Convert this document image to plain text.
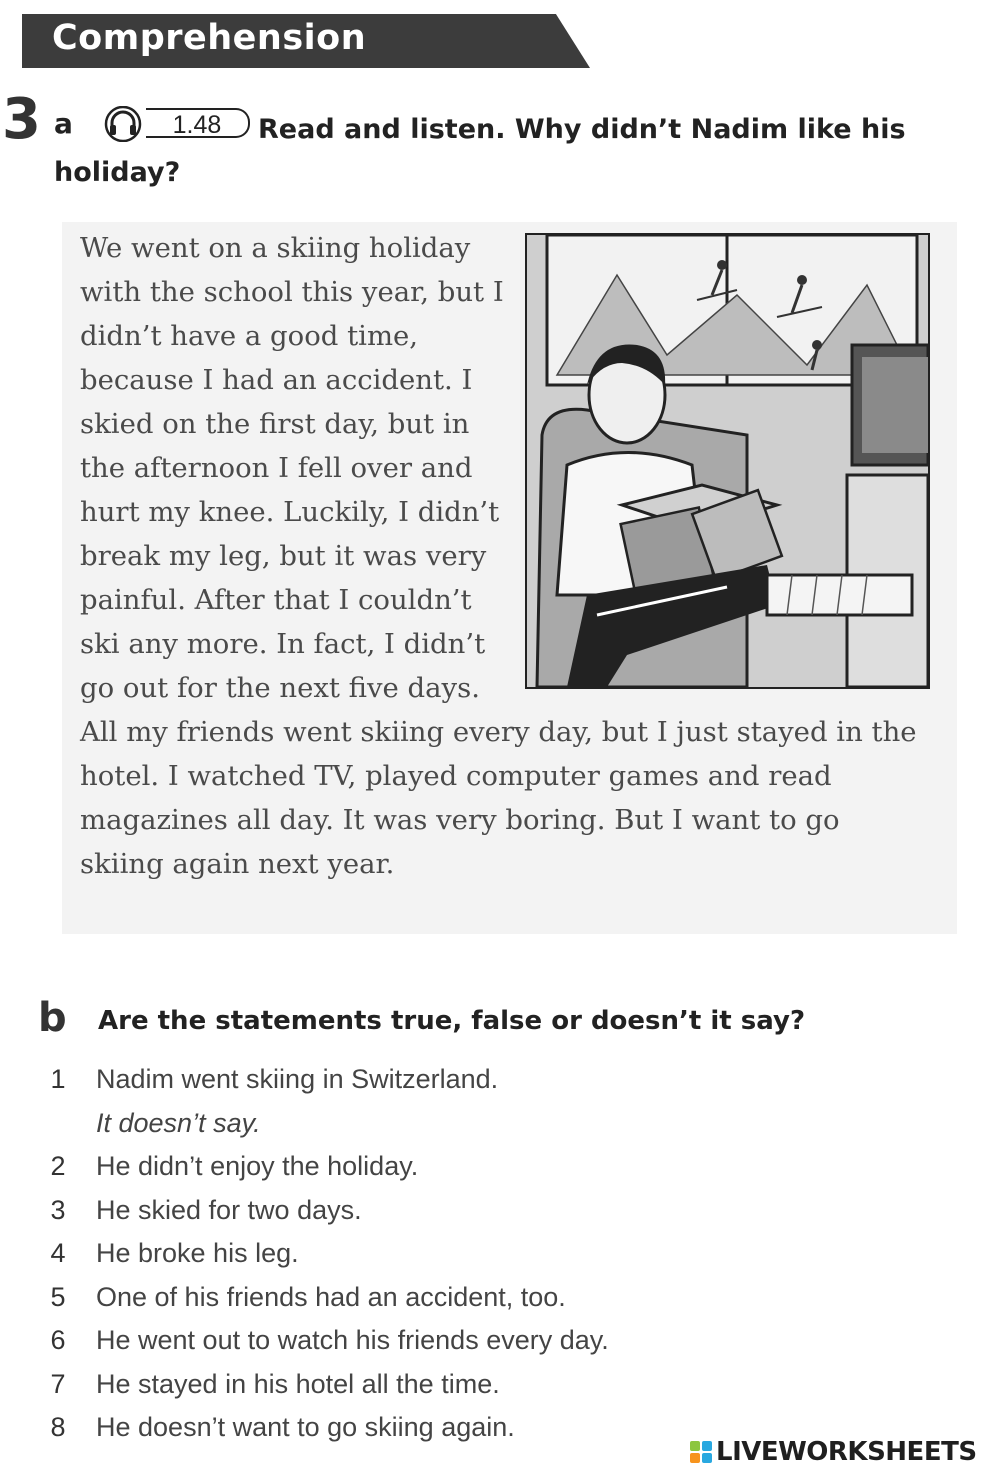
Comprehension
3	Read and listen. Why didn’t Nadim like his holiday?
a	1.48

We went on a skiing holiday with the school this year, but I didn’t have a good time, because I had an accident. I skied on the first day, but in the afternoon I fell over and hurt my knee. Luckily, I didn’t break my leg, but it was very painful. After that I couldn’t ski any more. In fact, I didn’t go out for the next five days. All my friends went skiing every day, but I just stayed in the hotel. I watched TV, played computer games and read magazines all day. It was very boring. But I want to go skiing again next year.

b Are the statements true, false or doesn’t it say?
1 Nadim went skiing in Switzerland.
It doesn’t say.
2 He didn’t enjoy the holiday.
3 He skied for two days.
4 He broke his leg.
5 One of his friends had an accident, too.
6 He went out to watch his friends every day.
7 He stayed in his hotel all the time.
8 He doesn’t want to go skiing again.
LIVEWORKSHEETS
